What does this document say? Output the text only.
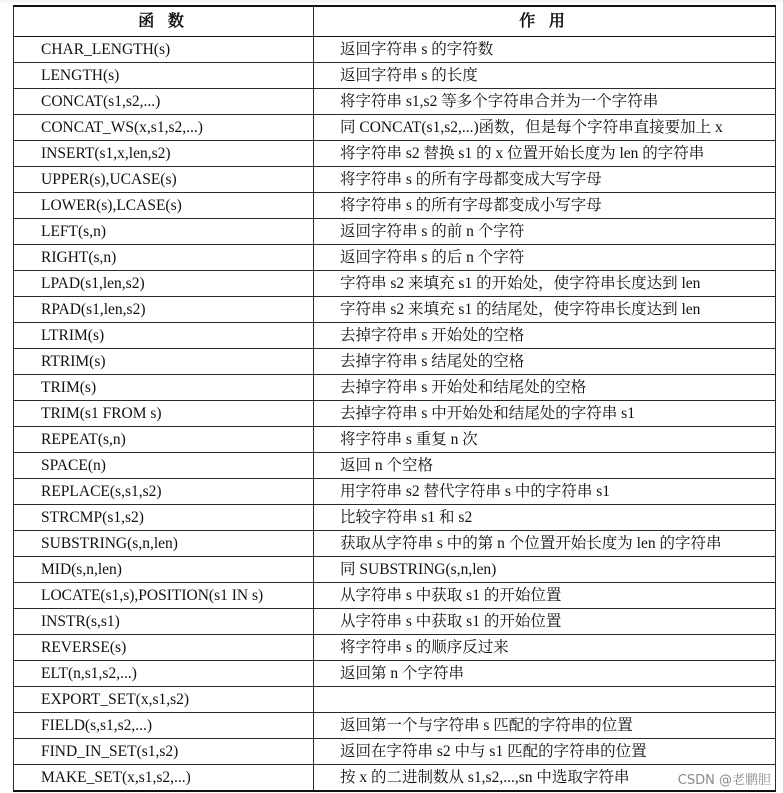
函 数	作 用
CHAR_LENGTH(s)	返回字符串 s 的字符数
LENGTH(s)	返回字符串 s 的长度
CONCAT(s1,s2,...)	将字符串 s1,s2 等多个字符串合并为一个字符串
CONCAT_WS(x,s1,s2,...)	同 CONCAT(s1,s2,...)函数，但是每个字符串直接要加上 x
INSERT(s1,x,len,s2)	将字符串 s2 替换 s1 的 x 位置开始长度为 len 的字符串
UPPER(s),UCASE(s)	将字符串 s 的所有字母都变成大写字母
LOWER(s),LCASE(s)	将字符串 s 的所有字母都变成小写字母
LEFT(s,n)	返回字符串 s 的前 n 个字符
RIGHT(s,n)	返回字符串 s 的后 n 个字符
LPAD(s1,len,s2)	字符串 s2 来填充 s1 的开始处，使字符串长度达到 len
RPAD(s1,len,s2)	字符串 s2 来填充 s1 的结尾处，使字符串长度达到 len
LTRIM(s)	去掉字符串 s 开始处的空格
RTRIM(s)	去掉字符串 s 结尾处的空格
TRIM(s)	去掉字符串 s 开始处和结尾处的空格
TRIM(s1 FROM s)	去掉字符串 s 中开始处和结尾处的字符串 s1
REPEAT(s,n)	将字符串 s 重复 n 次
SPACE(n)	返回 n 个空格
REPLACE(s,s1,s2)	用字符串 s2 替代字符串 s 中的字符串 s1
STRCMP(s1,s2)	比较字符串 s1 和 s2
SUBSTRING(s,n,len)	获取从字符串 s 中的第 n 个位置开始长度为 len 的字符串
MID(s,n,len)	同 SUBSTRING(s,n,len)
LOCATE(s1,s),POSITION(s1 IN s)	从字符串 s 中获取 s1 的开始位置
INSTR(s,s1)	从字符串 s 中获取 s1 的开始位置
REVERSE(s)	将字符串 s 的顺序反过来
ELT(n,s1,s2,...)	返回第 n 个字符串
EXPORT_SET(x,s1,s2)	
FIELD(s,s1,s2,...)	返回第一个与字符串 s 匹配的字符串的位置
FIND_IN_SET(s1,s2)	返回在字符串 s2 中与 s1 匹配的字符串的位置
MAKE_SET(x,s1,s2,...)	按 x 的二进制数从 s1,s2,...,sn 中选取字符串	CSDN @老鹏胆
